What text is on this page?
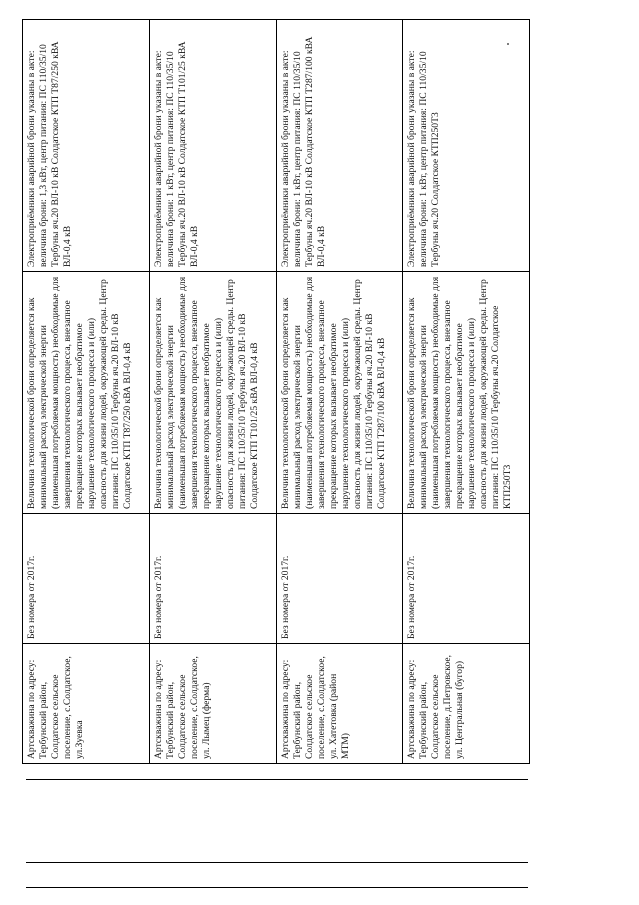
Артскважина по адресу: Тербунский район, Солдатское сельское поселение, с.Солдатское, ул.Зуевка	Без номера от 2017г.	Величина технологической брони определяется как минимальный расход электрической энергии (наименьшая потребляемая мощность) необходимые для завершения технологического процесса, внезапное прекращение которых вызывает необратимое нарушение технологического процесса и (или) опасность для жизни людей, окружающей среды. Центр питания: ПС 110/35/10 Тербуны яч.20 ВЛ-10 кВ Солдатское КТП Т87/250 кВА ВЛ-0,4 кВ	Электроприёмники аварийной брони указаны в акте: величина брони: 1,3 кВт, центр питания: ПС 110/35/10 Тербуны яч.20 ВЛ-10 кВ Солдатское КТП Т87/250 кВА ВЛ-0,4 кВ
Артскважина по адресу: Тербунский район, Солдатское сельское поселение, с.Солдатское, ул. Лымец (ферма)	Без номера от 2017г.	Величина технологической брони определяется как минимальный расход электрической энергии (наименьшая потребляемая мощность) необходимые для завершения технологического процесса, внезапное прекращение которых вызывает необратимое нарушение технологического процесса и (или) опасность для жизни людей, окружающей среды. Центр питания: ПС 110/35/10 Тербуны яч.20 ВЛ-10 кВ Солдатское КТП Т101/25 кВА ВЛ-0,4 кВ	Электроприёмники аварийной брони указаны в акте: величина брони: 1 кВт, центр питания: ПС 110/35/10 Тербуны яч.20 ВЛ-10 кВ Солдатское КТП Т101/25 кВА ВЛ-0,4 кВ
Артскважина по адресу: Тербунский район, Солдатское сельское поселение, с.Солдатское, ул. Хатетовка (район МТМ)	Без номера от 2017г.	Величина технологической брони определяется как минимальный расход электрической энергии (наименьшая потребляемая мощность) необходимые для завершения технологического процесса, внезапное прекращение которых вызывает необратимое нарушение технологического процесса и (или) опасность для жизни людей, окружающей среды. Центр питания: ПС 110/35/10 Тербуны яч.20 ВЛ-10 кВ Солдатское КТП Т287/100 кВА ВЛ-0,4 кВ	Электроприёмники аварийной брони указаны в акте: величина брони: 1 кВт, центр питания: ПС 110/35/10 Тербуны яч.20 ВЛ-10 кВ Солдатское КТП Т287/100 кВА ВЛ-0,4 кВ
Артскважина по адресу: Тербунский район, Солдатское сельское поселение, д.Петровское, ул. Центральная (бугор)	Без номера от 2017г.	Величина технологической брони определяется как минимальный расход электрической энергии (наименьшая потребляемая мощность) необходимые для завершения технологического процесса, внезапное прекращение которых вызывает необратимое нарушение технологического процесса и (или) опасность для жизни людей, окружающей среды. Центр питания: ПС 110/35/10 Тербуны яч.20 Солдатское КТП250Т3	Электроприёмники аварийной брони указаны в акте: величина брони: 1 кВт, центр питания: ПС 110/35/10 Тербуны яч.20 Солдатское КТП250Т3
